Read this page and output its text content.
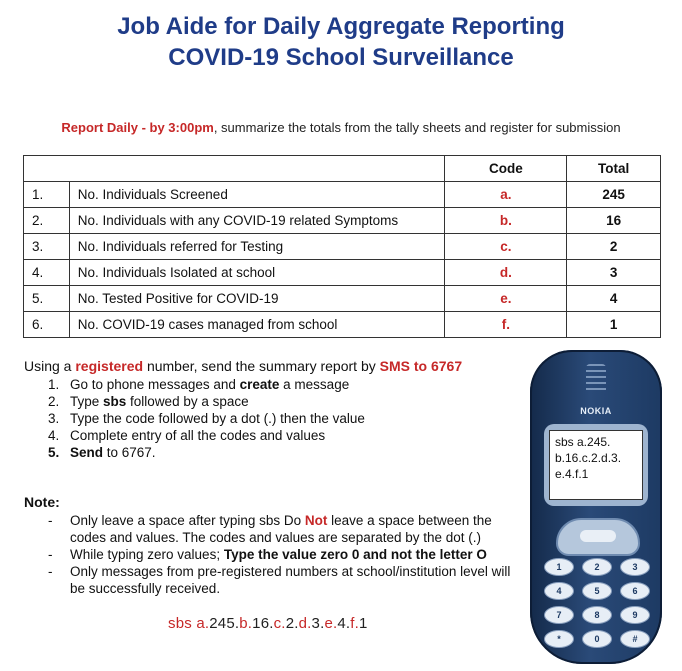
Job Aide for Daily Aggregate Reporting
COVID-19 School Surveillance
Report Daily - by 3:00pm, summarize the totals from the tally sheets and register for submission
		Code	Total
1.	No. Individuals Screened	a.	245
2.	No. Individuals with any COVID-19 related Symptoms	b.	16
3.	No. Individuals referred for Testing	c.	2
4.	No. Individuals Isolated at school	d.	3
5.	No. Tested Positive for COVID-19	e.	4
6.	No. COVID-19 cases managed from school	f.	1
Using a registered number, send the summary report by SMS to 6767
1. Go to phone messages and create a message
2. Type sbs followed by a space
3. Type the code followed by a dot (.) then the value
4. Complete entry of all the codes and values
5. Send to 6767.
Note:
- Only leave a space after typing sbs Do Not leave a space between the codes and values. The codes and values are separated by the dot (.)
- While typing zero values; Type the value zero 0 and not the letter O
- Only messages from pre-registered numbers at school/institution level will be successfully received.
sbs a.245.b.16.c.2.d.3.e.4.f.1
NOKIA
sbs a.245.
b.16.c.2.d.3.
e.4.f.1
1	2	3
4	5	6
7	8	9
*	0	#
